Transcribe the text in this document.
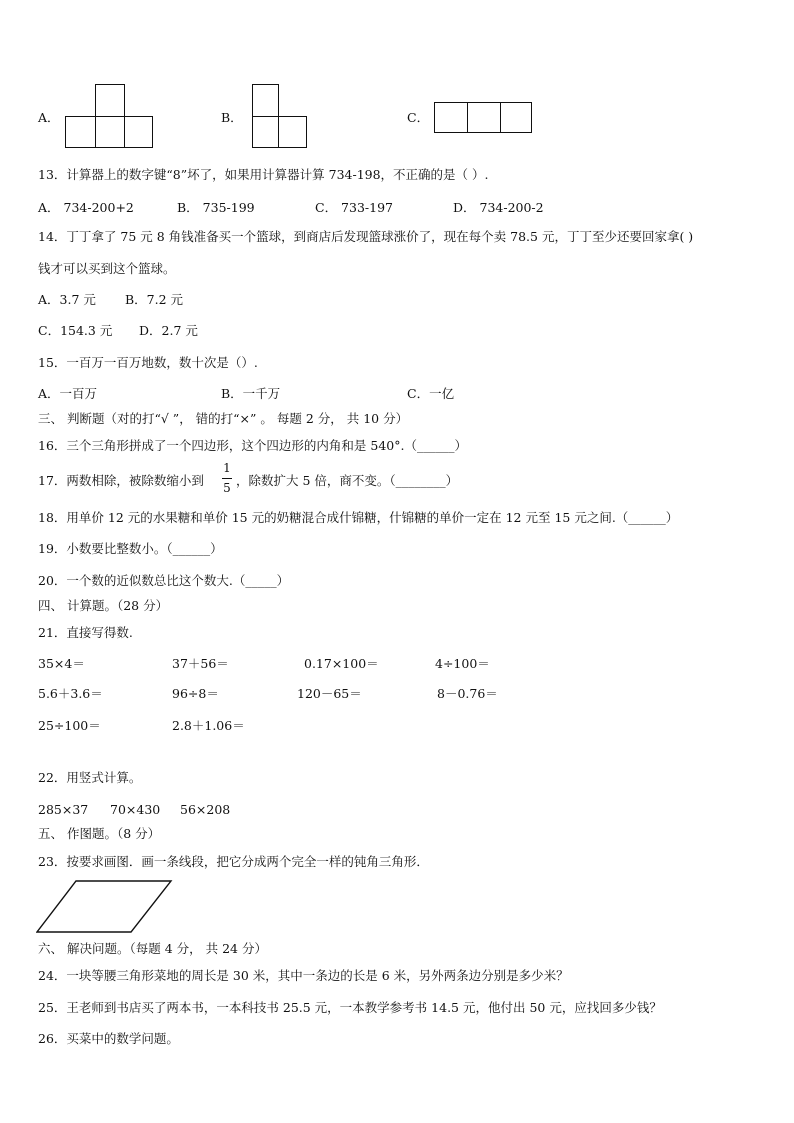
A．	B．	C．
13．计算器上的数字键“8”坏了，如果用计算器计算 734-198，不正确的是（ ）.
A． 734-200+2	B． 735-199	C． 733-197	D． 734-200-2
14．丁丁拿了 75 元 8 角钱准备买一个篮球，到商店后发现篮球涨价了，现在每个卖 78.5 元，丁丁至少还要回家拿( )
钱才可以买到这个篮球。
A．3.7 元 B．7.2 元
C．154.3 元 D．2.7 元
15．一百万一百万地数，数十次是（）.
A．一百万	B．一千万	C．一亿
三、 判断题（对的打“√ ”， 错的打“×” 。 每题 2 分， 共 10 分）
16．三个三角形拼成了一个四边形，这个四边形的内角和是 540°.（______）
17．两数相除，被除数缩小到
1
5 ，除数扩大 5 倍，商不变。（________）
18．用单价 12 元的水果糖和单价 15 元的奶糖混合成什锦糖，什锦糖的单价一定在 12 元至 15 元之间.（______）
19．小数要比整数小。（______）
20．一个数的近似数总比这个数大.（_____）
四、 计算题。（28 分）
21．直接写得数.
35×4＝	37＋56＝	0.17×100＝	4÷100＝
5.6＋3.6＝	96÷8＝	120－65＝	8－0.76＝
25÷100＝	2.8＋1.06＝
22．用竖式计算。
285×37 70×430 56×208
五、 作图题。（8 分）
23．按要求画图．画一条线段，把它分成两个完全一样的钝角三角形．
六、 解决问题。（每题 4 分， 共 24 分）
24．一块等腰三角形菜地的周长是 30 米，其中一条边的长是 6 米，另外两条边分别是多少米？
25．王老师到书店买了两本书，一本科技书 25.5 元，一本教学参考书 14.5 元，他付出 50 元，应找回多少钱？
26．买菜中的数学问题。
